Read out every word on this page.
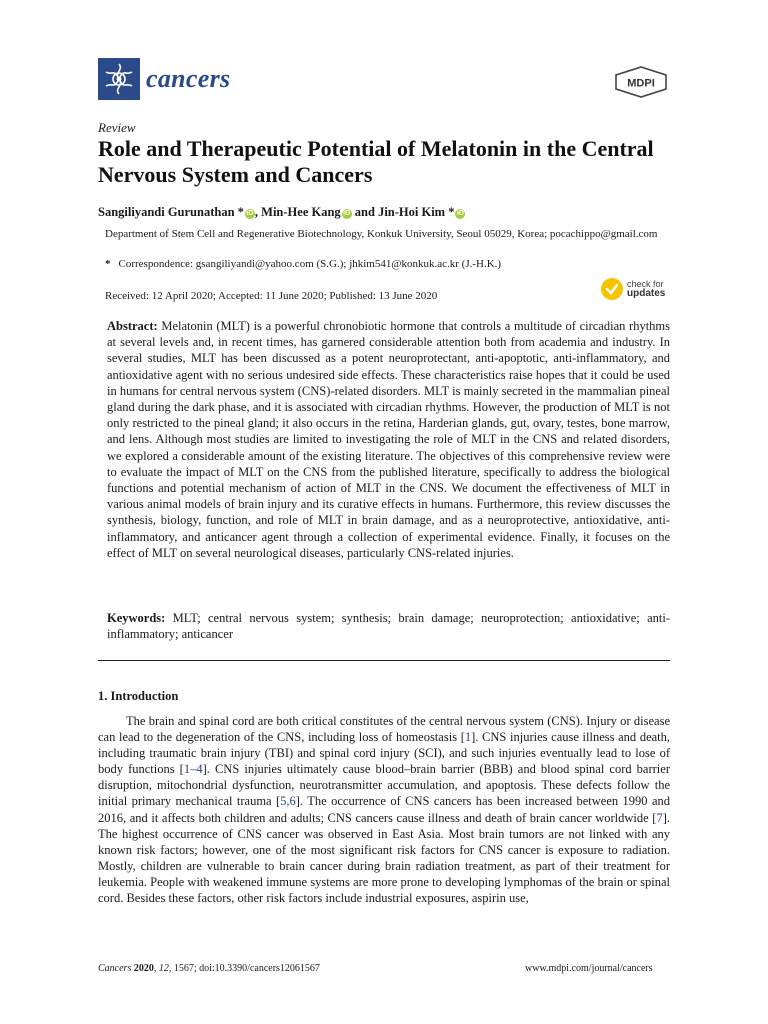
cancers	MDPI
Review
Role and Therapeutic Potential of Melatonin in the Central Nervous System and Cancers
Sangiliyandi Gurunathan * iD , Min-Hee Kang iD and Jin-Hoi Kim * iD
Department of Stem Cell and Regenerative Biotechnology, Konkuk University, Seoul 05029, Korea; pocachippo@gmail.com
* Correspondence: gsangiliyandi@yahoo.com (S.G.); jhkim541@konkuk.ac.kr (J.-H.K.)
Received: 12 April 2020; Accepted: 11 June 2020; Published: 13 June 2020
check for
updates
Abstract: Melatonin (MLT) is a powerful chronobiotic hormone that controls a multitude of circadian rhythms at several levels and, in recent times, has garnered considerable attention both from academia and industry. In several studies, MLT has been discussed as a potent neuroprotectant, anti-apoptotic, anti-inflammatory, and antioxidative agent with no serious undesired side effects. These characteristics raise hopes that it could be used in humans for central nervous system (CNS)-related disorders. MLT is mainly secreted in the mammalian pineal gland during the dark phase, and it is associated with circadian rhythms. However, the production of MLT is not only restricted to the pineal gland; it also occurs in the retina, Harderian glands, gut, ovary, testes, bone marrow, and lens. Although most studies are limited to investigating the role of MLT in the CNS and related disorders, we explored a considerable amount of the existing literature. The objectives of this comprehensive review were to evaluate the impact of MLT on the CNS from the published literature, specifically to address the biological functions and potential mechanism of action of MLT in the CNS. We document the effectiveness of MLT in various animal models of brain injury and its curative effects in humans. Furthermore, this review discusses the synthesis, biology, function, and role of MLT in brain damage, and as a neuroprotective, antioxidative, anti-inflammatory, and anticancer agent through a collection of experimental evidence. Finally, it focuses on the effect of MLT on several neurological diseases, particularly CNS-related injuries.
Keywords: MLT; central nervous system; synthesis; brain damage; neuroprotection; antioxidative; anti-inflammatory; anticancer
1. Introduction
The brain and spinal cord are both critical constitutes of the central nervous system (CNS). Injury or disease can lead to the degeneration of the CNS, including loss of homeostasis [1]. CNS injuries cause illness and death, including traumatic brain injury (TBI) and spinal cord injury (SCI), and such injuries eventually lead to lose of body functions [1–4]. CNS injuries ultimately cause blood–brain barrier (BBB) and blood spinal cord barrier disruption, mitochondrial dysfunction, neurotransmitter accumulation, and apoptosis. These defects follow the initial primary mechanical trauma [5,6]. The occurrence of CNS cancers has been increased between 1990 and 2016, and it affects both children and adults; CNS cancers cause illness and death of brain cancer worldwide [7]. The highest occurrence of CNS cancer was observed in East Asia. Most brain tumors are not linked with any known risk factors; however, one of the most significant risk factors for CNS cancer is exposure to radiation. Mostly, children are vulnerable to brain cancer during brain radiation treatment, as part of their treatment for leukemia. People with weakened immune systems are more prone to developing lymphomas of the brain or spinal cord. Besides these factors, other risk factors include industrial exposures, aspirin use,
Cancers 2020, 12, 1567; doi:10.3390/cancers12061567	www.mdpi.com/journal/cancers
